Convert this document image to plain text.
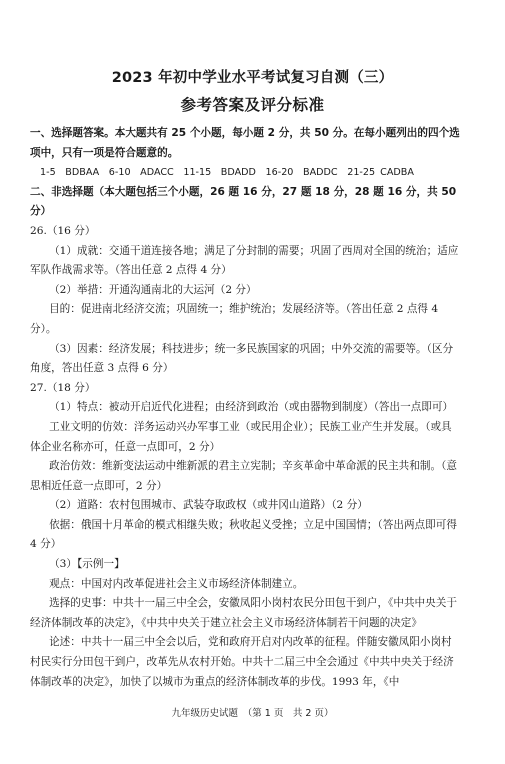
2023 年初中学业水平考试复习自测（三）
参考答案及评分标准

一、选择题答案。本大题共有 25 个小题，每小题 2 分，共 50 分。在每小题列出的四个选项中，只有一项是符合题意的。

1-5　BDBAA　6-10　ADACC　11-15　BDADD　16-20　BADDC　21-25 CADBA

二、非选择题（本大题包括三个小题，26 题 16 分，27 题 18 分，28 题 16 分，共 50 分）

26.（16 分）

（1）成就：交通干道连接各地；满足了分封制的需要；巩固了西周对全国的统治；适应军队作战需求等。（答出任意 2 点得 4 分）

（2）举措：开通沟通南北的大运河（2 分）

目的：促进南北经济交流；巩固统一；维护统治；发展经济等。（答出任意 2 点得 4 分）。

（3）因素：经济发展；科技进步；统一多民族国家的巩固；中外交流的需要等。（区分角度，答出任意 3 点得 6 分）

27.（18 分）

（1）特点：被动开启近代化进程；由经济到政治（或由器物到制度）（答出一点即可）

工业文明的仿效：洋务运动兴办军事工业（或民用企业）；民族工业产生并发展。（或具体企业名称亦可，任意一点即可，2 分）

政治仿效：维新变法运动中维新派的君主立宪制；辛亥革命中革命派的民主共和制。（意思相近任意一点即可，2 分）

（2）道路：农村包围城市、武装夺取政权（或井冈山道路）（2 分）

依据：俄国十月革命的模式相继失败；秋收起义受挫；立足中国国情；（答出两点即可得 4 分）

（3）【示例一】

观点：中国对内改革促进社会主义市场经济体制建立。

选择的史事：中共十一届三中全会，安徽凤阳小岗村农民分田包干到户，《中共中央关于经济体制改革的决定》，《中共中央关于建立社会主义市场经济体制若干问题的决定》

论述：中共十一届三中全会以后，党和政府开启对内改革的征程。伴随安徽凤阳小岗村村民实行分田包干到户，改革先从农村开始。中共十二届三中全会通过《中共中央关于经济体制改革的决定》，加快了以城市为重点的经济体制改革的步伐。1993 年，《中

九年级历史试题　（第 1 页　共 2 页）
